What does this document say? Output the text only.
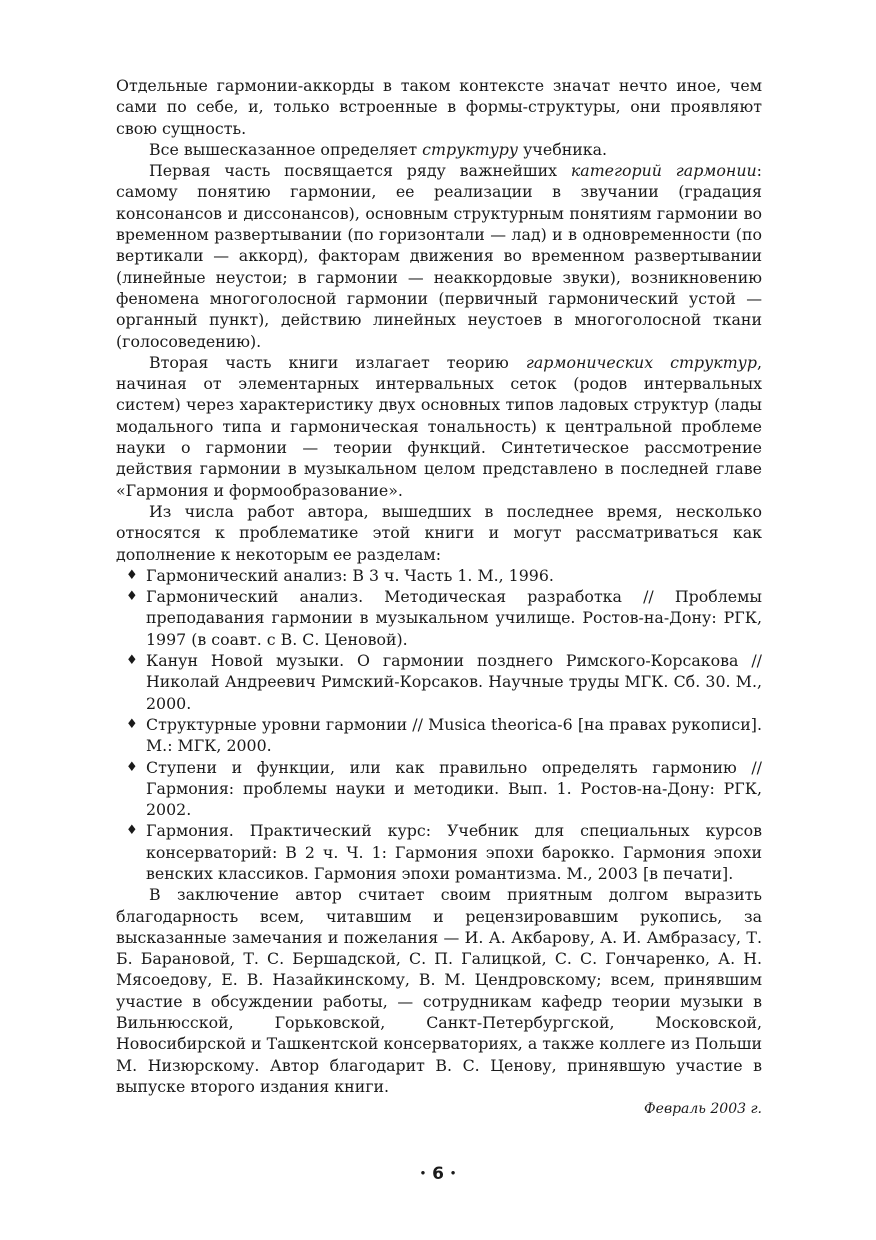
Отдельные гармонии-аккорды в таком контексте значат нечто иное, чем сами по себе, и, только встроенные в формы-структуры, они проявляют свою сущность.

Все вышесказанное определяет структуру учебника.

Первая часть посвящается ряду важнейших категорий гармонии: самому понятию гармонии, ее реализации в звучании (градация консонансов и диссонансов), основным структурным понятиям гармонии во временном развертывании (по горизонтали — лад) и в одновременности (по вертикали — аккорд), факторам движения во временном развертывании (линейные неустои; в гармонии — неаккордовые звуки), возникновению феномена многоголосной гармонии (первичный гармонический устой — органный пункт), действию линейных неустоев в многоголосной ткани (голосоведению).

Вторая часть книги излагает теорию гармонических структур, начиная от элементарных интервальных сеток (родов интервальных систем) через характеристику двух основных типов ладовых структур (лады модального типа и гармоническая тональность) к центральной проблеме науки о гармонии — теории функций. Синтетическое рассмотрение действия гармонии в музыкальном целом представлено в последней главе «Гармония и формообразование».

Из числа работ автора, вышедших в последнее время, несколько относятся к проблематике этой книги и могут рассматриваться как дополнение к некоторым ее разделам:

♦ Гармонический анализ: В 3 ч. Часть 1. М., 1996.
♦ Гармонический анализ. Методическая разработка // Проблемы преподавания гармонии в музыкальном училище. Ростов-на-Дону: РГК, 1997 (в соавт. с В. С. Ценовой).
♦ Канун Новой музыки. О гармонии позднего Римского-Корсакова // Николай Андреевич Римский-Корсаков. Научные труды МГК. Сб. 30. М., 2000.
♦ Структурные уровни гармонии // Musica theorica-6 [на правах рукописи]. М.: МГК, 2000.
♦ Ступени и функции, или как правильно определять гармонию // Гармония: проблемы науки и методики. Вып. 1. Ростов-на-Дону: РГК, 2002.
♦ Гармония. Практический курс: Учебник для специальных курсов консерваторий: В 2 ч. Ч. 1: Гармония эпохи барокко. Гармония эпохи венских классиков. Гармония эпохи романтизма. М., 2003 [в печати].

В заключение автор считает своим приятным долгом выразить благодарность всем, читавшим и рецензировавшим рукопись, за высказанные замечания и пожелания — И. А. Акбарову, А. И. Амбразасу, Т. Б. Барановой, Т. С. Бершадской, С. П. Галицкой, С. С. Гончаренко, А. Н. Мясоедову, Е. В. Назайкинскому, В. М. Цендровскому; всем, принявшим участие в обсуждении работы, — сотрудникам кафедр теории музыки в Вильнюсской, Горьковской, Санкт-Петербургской, Московской, Новосибирской и Ташкентской консерваториях, а также коллеге из Польши М. Низюрскому. Автор благодарит В. С. Ценову, принявшую участие в выпуске второго издания книги.

Февраль 2003 г.

• 6 •
